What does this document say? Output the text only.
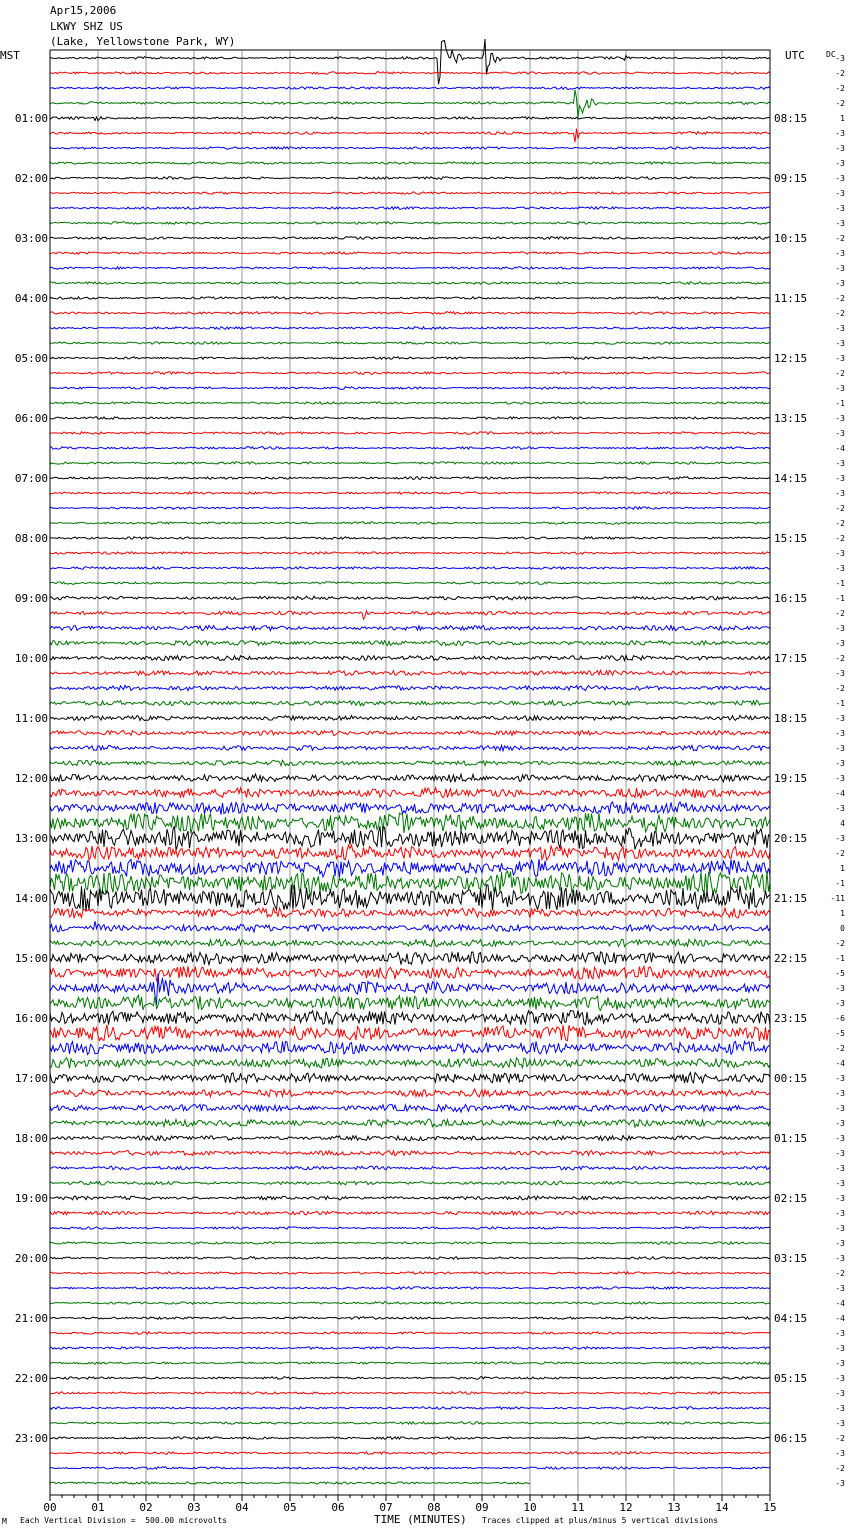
Apr15,2006
LKWY SHZ US
(Lake, Yellowstone Park, WY)
MST	UTC	DC
00	01	02	03	04	05	06	07	08	09	10	11	12	13	14	15
-3
-2
-2
-2
1
-3
-3
-3
-3
-3
-3
-3
-2
-3
-3
-3
-2
-2
-3
-3
-3
-2
-3
-1
-3
-3
-4
-3
-3
-3
-2
-2
-2
-3
-3
-1
-1
-2
-3
-3
-2
-3
-2
-1
-3
-3
-3
-3
-3
-4
-3
4
-3
-2
1
-1
-11
1
0
-2
-1
-5
-3
-3
-6
-5
-2
-4
-3
-3
-3
-3
-3
-3
-3
-3
-3
-3
-3
-3
-3
-2
-3
-4
-4
-3
-3
-3
-3
-3
-3
-3
-2
-3
-2
-3
01:00
02:00
03:00
04:00
05:00
06:00
07:00
08:00
09:00
10:00
11:00
12:00
13:00
14:00
15:00
16:00
17:00
18:00
19:00
20:00
21:00
22:00
23:00
08:15
09:15
10:15
11:15
12:15
13:15
14:15
15:15
16:15
17:15
18:15
19:15
20:15
21:15
22:15
23:15
00:15
01:15
02:15
03:15
04:15
05:15
06:15
M Each Vertical Division =  500.00 microvolts	TIME (MINUTES) Traces clipped at plus/minus 5 vertical divisions
